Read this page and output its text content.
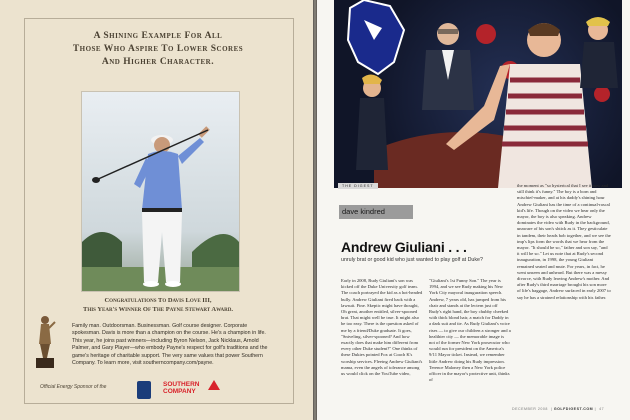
A Shining Example For All
Those Who Aspire To Lower Scores
And Higher Character.
Congratulations To Davis Love III,
This Year's Winner Of The Payne Stewart Award.
Family man. Outdoorsman. Businessman. Golf course designer. Corporate spokesman. Davis is more than a champion on the course. He's a champion in life. This year, he joins past winners—including Byron Nelson, Jack Nicklaus, Arnold Palmer, and Gary Player—who embody Payne's respect for golf's traditions and the game's heritage of charitable support. The very same values that power Southern Company. To learn more, visit southerncompany.com/payne.
Official Energy Sponsor of the	SOUTHERN
COMPANY
THE DIGEST
dave kindred
Andrew Giuliani . . .
unruly brat or good kid who just wanted to play golf at Duke?
Early in 2008, Rudy Giuliani's son was kicked off the Duke University golf team. The coach portrayed the kid as a hot-headed bully. Andrew Giuliani fired back with a lawsuit. Fine. Skeptic might have thought, Oh great, another entitled, silver-spooned brat. That might well be true. It might also be too easy. There is the question asked of me by a friend/Duke graduate. It goes, "Sniveling, silver-spooned? And how exactly does that make him different from every other Duke student?" One thinks of these Dukies pointed Fox at Coach K's worship services. Fleeing Andrew Giuliani's mama, even the angels of tolerance among us would click on the YouTube video,
"Giuliani's 1st Funny Son." The year is 1994, and we see Rudy making his New York City mayoral inauguration speech. Andrew, 7 years old, has jumped from his chair and stands at the lectern just off Rudy's right hand, the boy chubby cheeked with thick blond hair, a match for Daddy in a dark suit and tie. As Rudy Giuliani's voice rises — to give our children a stronger and a healthier city — the memorable image is not of the former New York prosecutor who would run for president on the America's 9/11 Mayor ticket. Instead, we remember little Andrew doing his Rudy impression. Terence Maloney then a New York police officer in the mayor's protective unit, thinks of
the moment as "so hysterical that I see it now and still think it's funny." The boy is a born and mischief-maker, and at his daddy's shining hour Andrew Giuliani has the time of a continual-rascal kid's life. Though on the video we hear only the mayor, the boy is also speaking. Andrew dominates the video with Rudy in the background, unaware of his son's shtick as it. They gesticulate in tandem, their heads bob together, and we see the imp's lips form the words that we hear from the mayor. "It should be so," father and son say, "and it will be so." Let us note that at Rudy's second inauguration, in 1998, the young Giuliani remained seated and mute. For years, in fact, he went unseen and unheard. But there was a messy divorce, with Rudy leaving Andrew's mother. And after Rudy's third marriage brought his son more of life's baggage, Andrew surfaced in early 2007 to say he has a strained relationship with his father.
DECEMBER 2008  | GOLFDIGEST.COM |  47
